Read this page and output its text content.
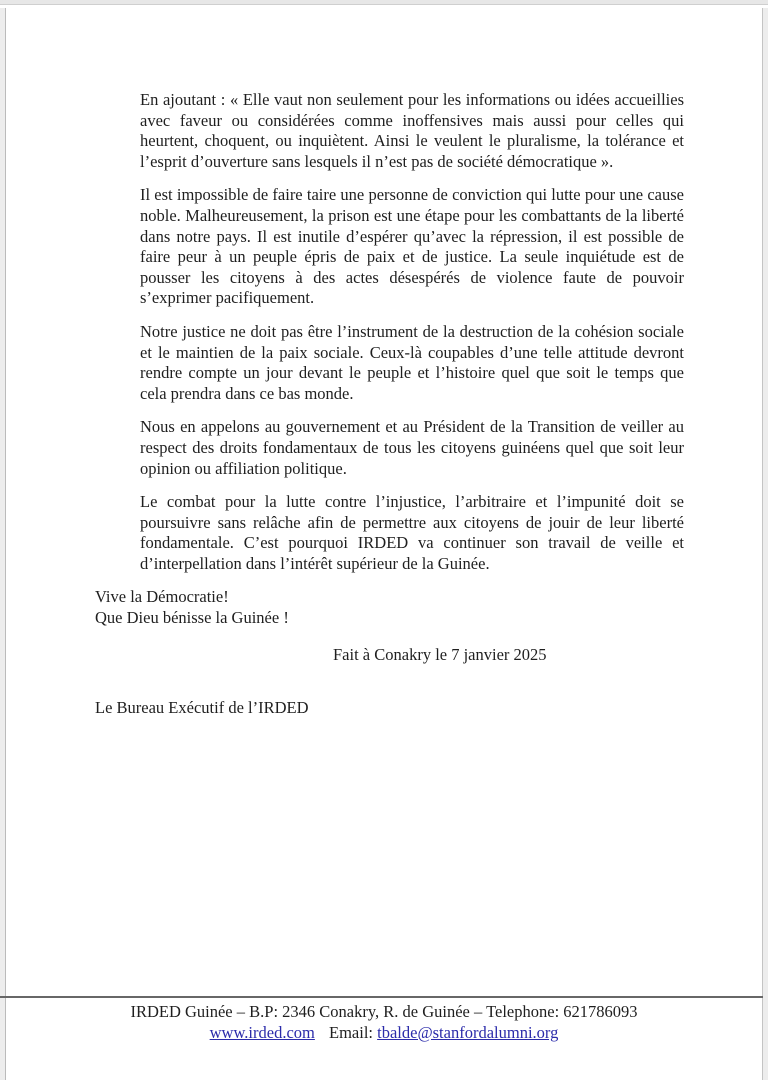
En ajoutant : « Elle vaut non seulement pour les informations ou idées accueillies avec faveur ou considérées comme inoffensives mais aussi pour celles qui heurtent, choquent, ou inquiètent. Ainsi le veulent le pluralisme, la tolérance et l’esprit d’ouverture sans lesquels il n’est pas de société démocratique ».

Il est impossible de faire taire une personne de conviction qui lutte pour une cause noble. Malheureusement, la prison est une étape pour les combattants de la liberté dans notre pays. Il est inutile d’espérer qu’avec la répression, il est possible de faire peur à un peuple épris de paix et de justice. La seule inquiétude est de pousser les citoyens à des actes désespérés de violence faute de pouvoir s’exprimer pacifiquement.

Notre justice ne doit pas être l’instrument de la destruction de la cohésion sociale et le maintien de la paix sociale. Ceux-là coupables d’une telle attitude devront rendre compte un jour devant le peuple et l’histoire quel que soit le temps que cela prendra dans ce bas monde.

Nous en appelons au gouvernement et au Président de la Transition de veiller au respect des droits fondamentaux de tous les citoyens guinéens quel que soit leur opinion ou affiliation politique.

Le combat pour la lutte contre l’injustice, l’arbitraire et l’impunité doit se poursuivre sans relâche afin de permettre aux citoyens de jouir de leur liberté fondamentale. C’est pourquoi IRDED va continuer son travail de veille et d’interpellation dans l’intérêt supérieur de la Guinée.

Vive la Démocratie!
Que Dieu bénisse la Guinée !
Fait à Conakry le 7 janvier 2025
Le Bureau Exécutif de l’IRDED
IRDED Guinée – B.P: 2346 Conakry, R. de Guinée – Telephone: 621786093
www.irded.com Email: tbalde@stanfordalumni.org
